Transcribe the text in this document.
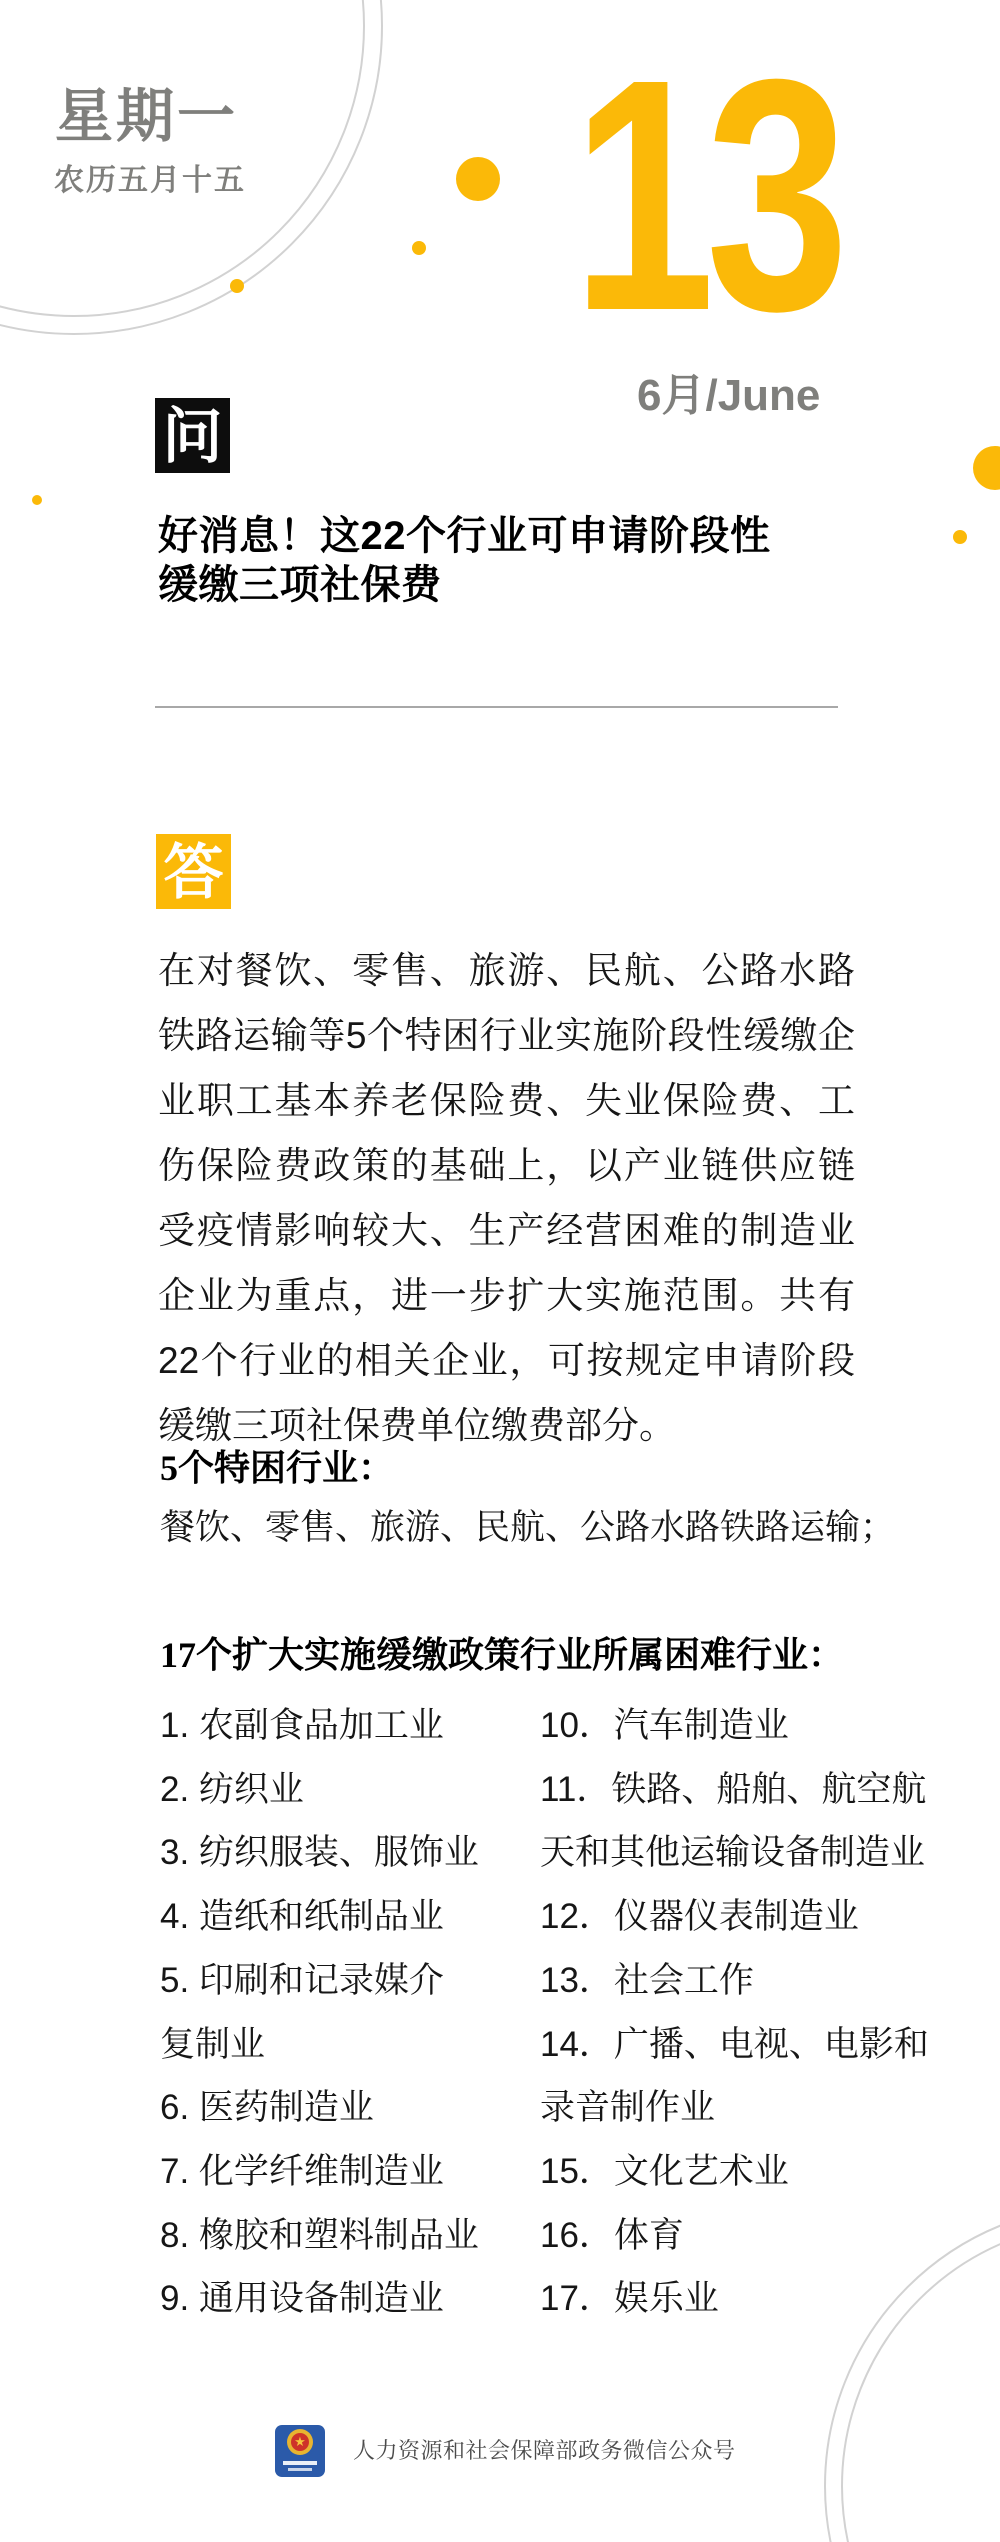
星期一
农历五月十五 13
6月/June
问
好消息！这22个行业可申请阶段性
缓缴三项社保费
答
在对餐饮、零售、旅游、民航、公路水路铁路运输等5个特困行业实施阶段性缓缴企业职工基本养老保险费、失业保险费、工伤保险费政策的基础上，以产业链供应链受疫情影响较大、生产经营困难的制造业企业为重点，进一步扩大实施范围。共有22个行业的相关企业，可按规定申请阶段缓缴三项社保费单位缴费部分。
5个特困行业：
餐饮、零售、旅游、民航、公路水路铁路运输；
17个扩大实施缓缴政策行业所属困难行业：
1. 农副食品加工业
2. 纺织业
3. 纺织服装、服饰业
4. 造纸和纸制品业
5. 印刷和记录媒介
复制业
6. 医药制造业
7. 化学纤维制造业
8. 橡胶和塑料制品业
9. 通用设备制造业
10．汽车制造业
11．铁路、船舶、航空航
天和其他运输设备制造业
12．仪器仪表制造业
13．社会工作
14．广播、电视、电影和
录音制作业
15．文化艺术业
16．体育
17．娱乐业
★ 人力资源和社会保障部政务微信公众号
